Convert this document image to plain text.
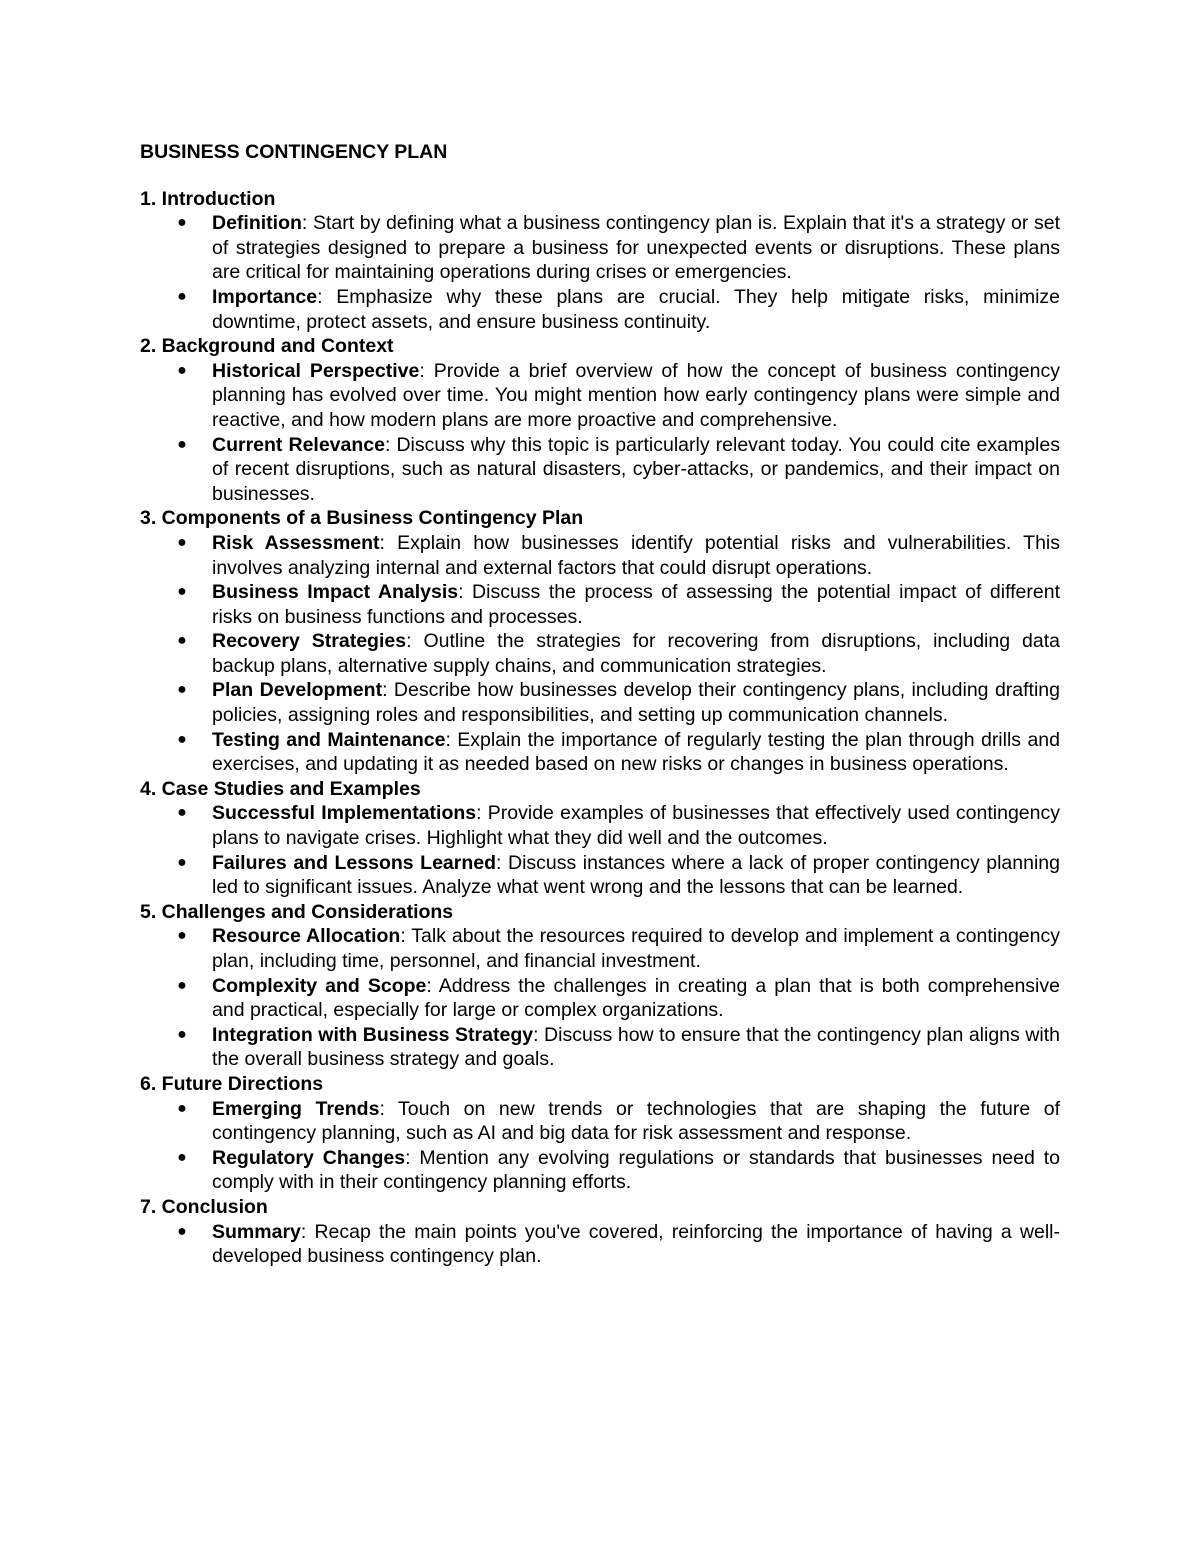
BUSINESS CONTINGENCY PLAN
1. Introduction
● Definition: Start by defining what a business contingency plan is. Explain that it's a strategy or set of strategies designed to prepare a business for unexpected events or disruptions. These plans are critical for maintaining operations during crises or emergencies.
● Importance: Emphasize why these plans are crucial. They help mitigate risks, minimize downtime, protect assets, and ensure business continuity.
2. Background and Context
● Historical Perspective: Provide a brief overview of how the concept of business contingency planning has evolved over time. You might mention how early contingency plans were simple and reactive, and how modern plans are more proactive and comprehensive.
● Current Relevance: Discuss why this topic is particularly relevant today. You could cite examples of recent disruptions, such as natural disasters, cyber-attacks, or pandemics, and their impact on businesses.
3. Components of a Business Contingency Plan
● Risk Assessment: Explain how businesses identify potential risks and vulnerabilities. This involves analyzing internal and external factors that could disrupt operations.
● Business Impact Analysis: Discuss the process of assessing the potential impact of different risks on business functions and processes.
● Recovery Strategies: Outline the strategies for recovering from disruptions, including data backup plans, alternative supply chains, and communication strategies.
● Plan Development: Describe how businesses develop their contingency plans, including drafting policies, assigning roles and responsibilities, and setting up communication channels.
● Testing and Maintenance: Explain the importance of regularly testing the plan through drills and exercises, and updating it as needed based on new risks or changes in business operations.
4. Case Studies and Examples
● Successful Implementations: Provide examples of businesses that effectively used contingency plans to navigate crises. Highlight what they did well and the outcomes.
● Failures and Lessons Learned: Discuss instances where a lack of proper contingency planning led to significant issues. Analyze what went wrong and the lessons that can be learned.
5. Challenges and Considerations
● Resource Allocation: Talk about the resources required to develop and implement a contingency plan, including time, personnel, and financial investment.
● Complexity and Scope: Address the challenges in creating a plan that is both comprehensive and practical, especially for large or complex organizations.
● Integration with Business Strategy: Discuss how to ensure that the contingency plan aligns with the overall business strategy and goals.
6. Future Directions
● Emerging Trends: Touch on new trends or technologies that are shaping the future of contingency planning, such as AI and big data for risk assessment and response.
● Regulatory Changes: Mention any evolving regulations or standards that businesses need to comply with in their contingency planning efforts.
7. Conclusion
● Summary: Recap the main points you've covered, reinforcing the importance of having a well-developed business contingency plan.
